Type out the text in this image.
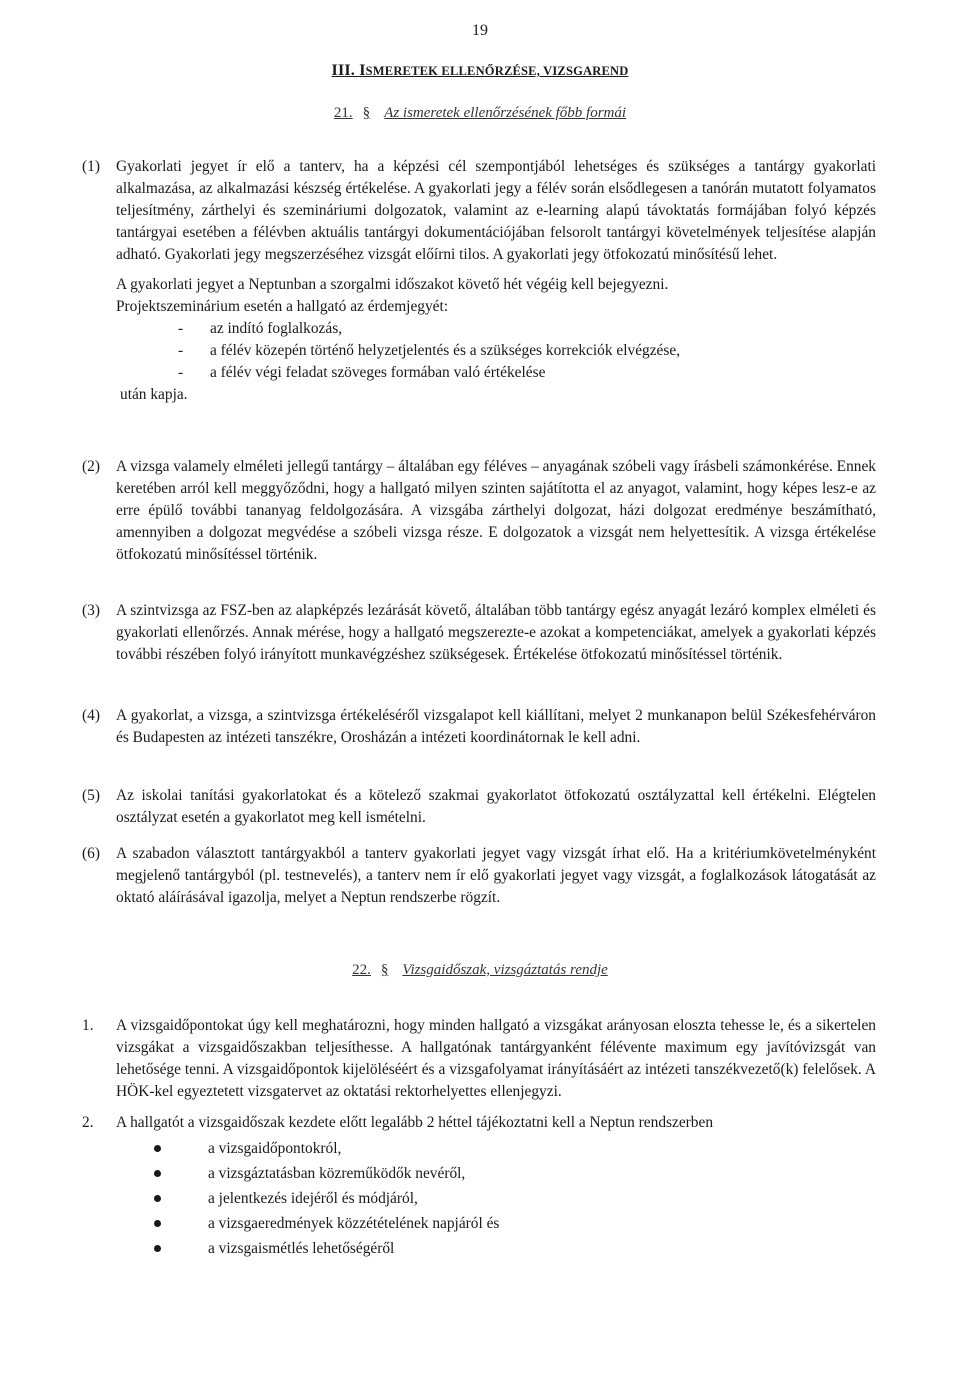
19
III. ISMERETEK ELLENŐRZÉSE, VIZSGAREND
21. § Az ismeretek ellenőrzésének főbb formái

(1) Gyakorlati jegyet ír elő a tanterv, ha a képzési cél szempontjából lehetséges és szükséges a tantárgy gyakorlati alkalmazása, az alkalmazási készség értékelése. A gyakorlati jegy a félév során elsődlegesen a tanórán mutatott folyamatos teljesítmény, zárthelyi és szemináriumi dolgozatok, valamint az e-learning alapú távoktatás formájában folyó képzés tantárgyai esetében a félévben aktuális tantárgyi dokumentációjában felsorolt tantárgyi követelmények teljesítése alapján adható. Gyakorlati jegy megszerzéséhez vizsgát előírni tilos. A gyakorlati jegy ötfokozatú minősítésű lehet.

A gyakorlati jegyet a Neptunban a szorgalmi időszakot követő hét végéig kell bejegyezni.

Projektszeminárium esetén a hallgató az érdemjegyét:

- az indító foglalkozás,
- a félév közepén történő helyzetjelentés és a szükséges korrekciók elvégzése,
- a félév végi feladat szöveges formában való értékelése

után kapja.

(2) A vizsga valamely elméleti jellegű tantárgy – általában egy féléves – anyagának szóbeli vagy írásbeli számonkérése. Ennek keretében arról kell meggyőződni, hogy a hallgató milyen szinten sajátította el az anyagot, valamint, hogy képes lesz-e az erre épülő további tananyag feldolgozására. A vizsgába zárthelyi dolgozat, házi dolgozat eredménye beszámítható, amennyiben a dolgozat megvédése a szóbeli vizsga része. E dolgozatok a vizsgát nem helyettesítik. A vizsga értékelése ötfokozatú minősítéssel történik.

(3) A szintvizsga az FSZ-ben az alapképzés lezárását követő, általában több tantárgy egész anyagát lezáró komplex elméleti és gyakorlati ellenőrzés. Annak mérése, hogy a hallgató megszerezte-e azokat a kompetenciákat, amelyek a gyakorlati képzés további részében folyó irányított munkavégzéshez szükségesek. Értékelése ötfokozatú minősítéssel történik.

(4) A gyakorlat, a vizsga, a szintvizsga értékeléséről vizsgalapot kell kiállítani, melyet 2 munkanapon belül Székesfehérváron és Budapesten az intézeti tanszékre, Orosházán a intézeti koordinátornak le kell adni.

(5) Az iskolai tanítási gyakorlatokat és a kötelező szakmai gyakorlatot ötfokozatú osztályzattal kell értékelni. Elégtelen osztályzat esetén a gyakorlatot meg kell ismételni.

(6) A szabadon választott tantárgyakból a tanterv gyakorlati jegyet vagy vizsgát írhat elő. Ha a kritériumkövetelményként megjelenő tantárgyból (pl. testnevelés), a tanterv nem ír elő gyakorlati jegyet vagy vizsgát, a foglalkozások látogatását az oktató aláírásával igazolja, melyet a Neptun rendszerbe rögzít.

22. § Vizsgaidőszak, vizsgáztatás rendje

1. A vizsgaidőpontokat úgy kell meghatározni, hogy minden hallgató a vizsgákat arányosan eloszta tehesse le, és a sikertelen vizsgákat a vizsgaidőszakban teljesíthesse. A hallgatónak tantárgyanként félévente maximum egy javítóvizsgát van lehetősége tenni. A vizsgaidőpontok kijelöléséért és a vizsgafolyamat irányításáért az intézeti tanszékvezető(k) felelősek. A HÖK-kel egyeztetett vizsgatervet az oktatási rektorhelyettes ellenjegyzi.

2. A hallgatót a vizsgaidőszak kezdete előtt legalább 2 héttel tájékoztatni kell a Neptun rendszerben

a vizsgaidőpontokról,
a vizsgáztatásban közreműködők nevéről,
a jelentkezés idejéről és módjáról,
a vizsgaeredmények közzétételének napjáról és
a vizsgaismétlés lehetőségéről
